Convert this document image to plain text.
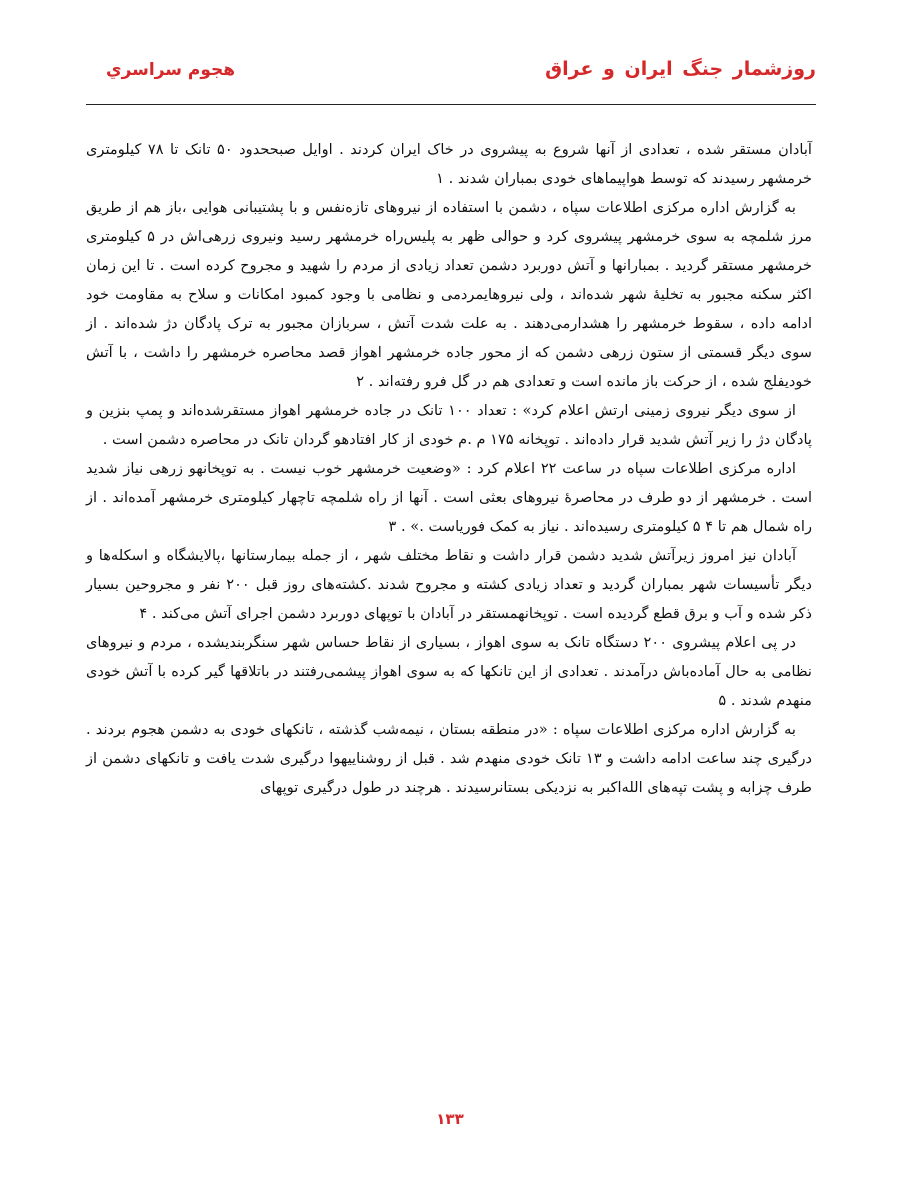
روزشمار جنگ ایران و عراق
هجوم سراسري

آبادان مستقر شده ، تعدادی از آنها شروع به پیشروی در خاک ایران کردند . اوایل صبححدود ۵۰ تانک تا ۷۸ کیلومتری خرمشهر رسیدند که توسط هواپیماهای خودی بمباران شدند . ۱

به گزارش اداره مرکزی اطلاعات سپاه ، دشمن با استفاده از نیروهای تازه‌نفس و با پشتیبانی هوایی ،باز هم از طریق مرز شلمچه به سوی خرمشهر پیشروی کرد و حوالی ظهر به پلیس‌راه خرمشهر رسید ونیروی زرهی‌اش در ۵ کیلومتری خرمشهر مستقر گردید . بمبارانها و آتش دوربرد دشمن تعداد زیادی از مردم را شهید و مجروح کرده است . تا این زمان اکثر سکنه مجبور به تخلیهٔ شهر شده‌اند ، ولی نیروهایمردمی و نظامی با وجود کمبود امکانات و سلاح به مقاومت خود ادامه داده ، سقوط خرمشهر را هشدارمی‌دهند . به علت شدت آتش ، سربازان مجبور به ترک پادگان دژ شده‌اند . از سوی دیگر قسمتی از ستون زرهی دشمن که از محور جاده خرمشهر اهواز قصد محاصره خرمشهر را داشت ، با آتش خودیفلج شده ، از حرکت باز مانده است و تعدادی هم در گل فرو رفته‌اند . ۲

از سوی دیگر نیروی زمینی ارتش اعلام کرد» : تعداد ۱۰۰ تانک در جاده خرمشهر اهواز مستقرشده‌اند و پمپ بنزین و پادگان دژ را زیر آتش شدید قرار داده‌اند . توپخانه ۱۷۵ م .م خودی از کار افتادهو گردان تانک در محاصره دشمن است .

اداره مرکزی اطلاعات سپاه در ساعت ۲۲ اعلام کرد : «وضعیت خرمشهر خوب نیست . به توپخانهو زرهی نیاز شدید است . خرمشهر از دو طرف در محاصرهٔ نیروهای بعثی است . آنها از راه شلمچه تاچهار کیلومتری خرمشهر آمده‌اند . از راه شمال هم تا ۴ ۵ کیلومتری رسیده‌اند . نیاز به کمک فوریاست .» . ۳

آبادان نیز امروز زیرآتش شدید دشمن قرار داشت و نقاط مختلف شهر ، از جمله بیمارستانها ،پالایشگاه و اسکله‌ها و دیگر تأسیسات شهر بمباران گردید و تعداد زیادی کشته و مجروح شدند .کشته‌های روز قبل ۲۰۰ نفر و مجروحین بسیار ذکر شده و آب و برق قطع گردیده است . توپخانهمستقر در آبادان با توپهای دوربرد دشمن اجرای آتش می‌کند . ۴

در پی اعلام پیشروی ۲۰۰ دستگاه تانک به سوی اهواز ، بسیاری از نقاط حساس شهر سنگربندیشده ، مردم و نیروهای نظامی به حال آماده‌باش درآمدند . تعدادی از این تانکها که به سوی اهواز پیشمی‌رفتند در باتلاقها گیر کرده با آتش خودی منهدم شدند . ۵

به گزارش اداره مرکزی اطلاعات سپاه : «در منطقه بستان ، نیمه‌شب گذشته ، تانکهای خودی به دشمن هجوم بردند . درگیری چند ساعت ادامه داشت و ۱۳ تانک خودی منهدم شد . قبل از روشناییهوا درگیری شدت یافت و تانکهای دشمن از طرف چزابه و پشت تپه‌های الله‌اکبر به نزدیکی بستانرسیدند . هرچند در طول درگیری توپهای

۱۳۳
